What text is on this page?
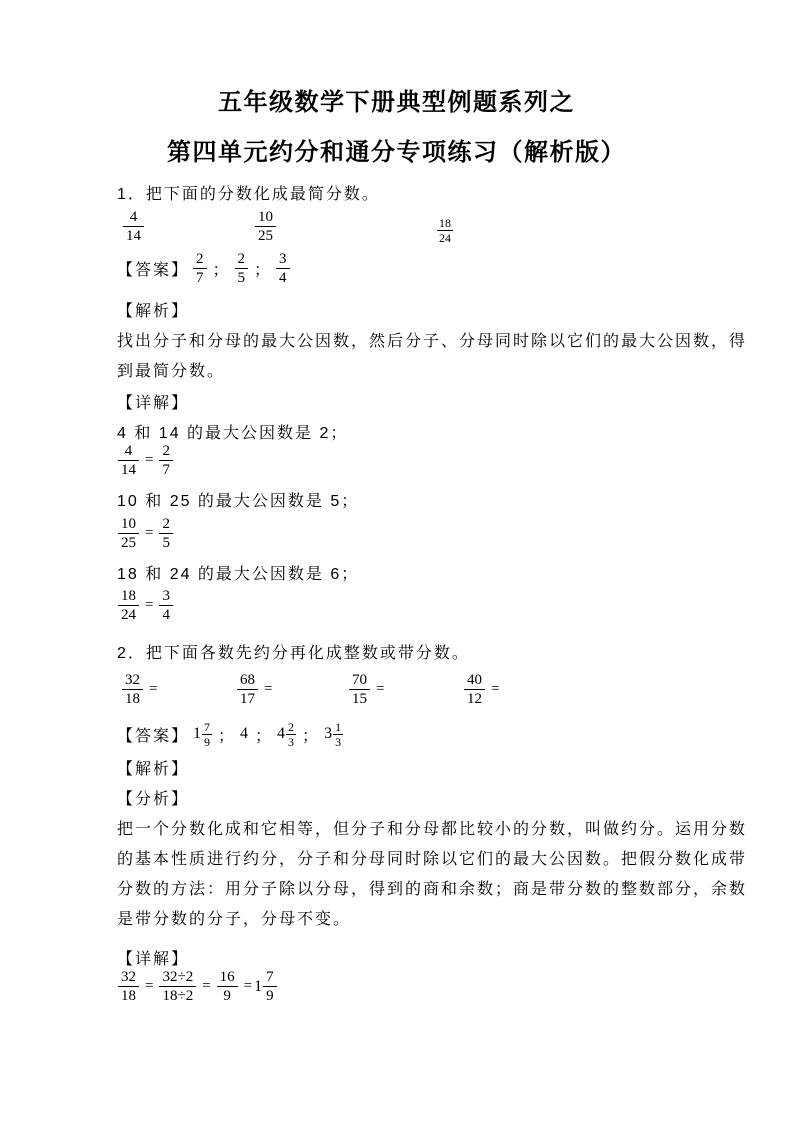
五年级数学下册典型例题系列之
第四单元约分和通分专项练习（解析版）
1．把下面的分数化成最简分数。
$\frac{4}{14}$	$\frac{10}{25}$	$\frac{18}{24}$
【答案】 $\frac{2}{7}$ ； $\frac{2}{5}$ ； $\frac{3}{4}$
【解析】
找出分子和分母的最大公因数，然后分子、分母同时除以它们的最大公因数，得
到最简分数。
【详解】
4 和 14 的最大公因数是 2；
$\frac{4}{14} = \frac{2}{7}$
10 和 25 的最大公因数是 5；
$\frac{10}{25} = \frac{2}{5}$
18 和 24 的最大公因数是 6；
$\frac{18}{24} = \frac{3}{4}$
2．把下面各数先约分再化成整数或带分数。
$\frac{32}{18}$ =	$\frac{68}{17}$ =	$\frac{70}{15}$ =	$\frac{40}{12}$ =
【答案】 $1 \frac{7}{9}$ ； 4 ； $4 \frac{2}{3}$ ； $3 \frac{1}{3}$
【解析】
【分析】
把一个分数化成和它相等，但分子和分母都比较小的分数，叫做约分。运用分数
的基本性质进行约分，分子和分母同时除以它们的最大公因数。把假分数化成带
分数的方法：用分子除以分母，得到的商和余数；商是带分数的整数部分，余数
是带分数的分子，分母不变。
【详解】
$\frac{32}{18} = \frac{32\div 2}{18\div 2} = \frac{16}{9} = 1 \frac{7}{9}$
